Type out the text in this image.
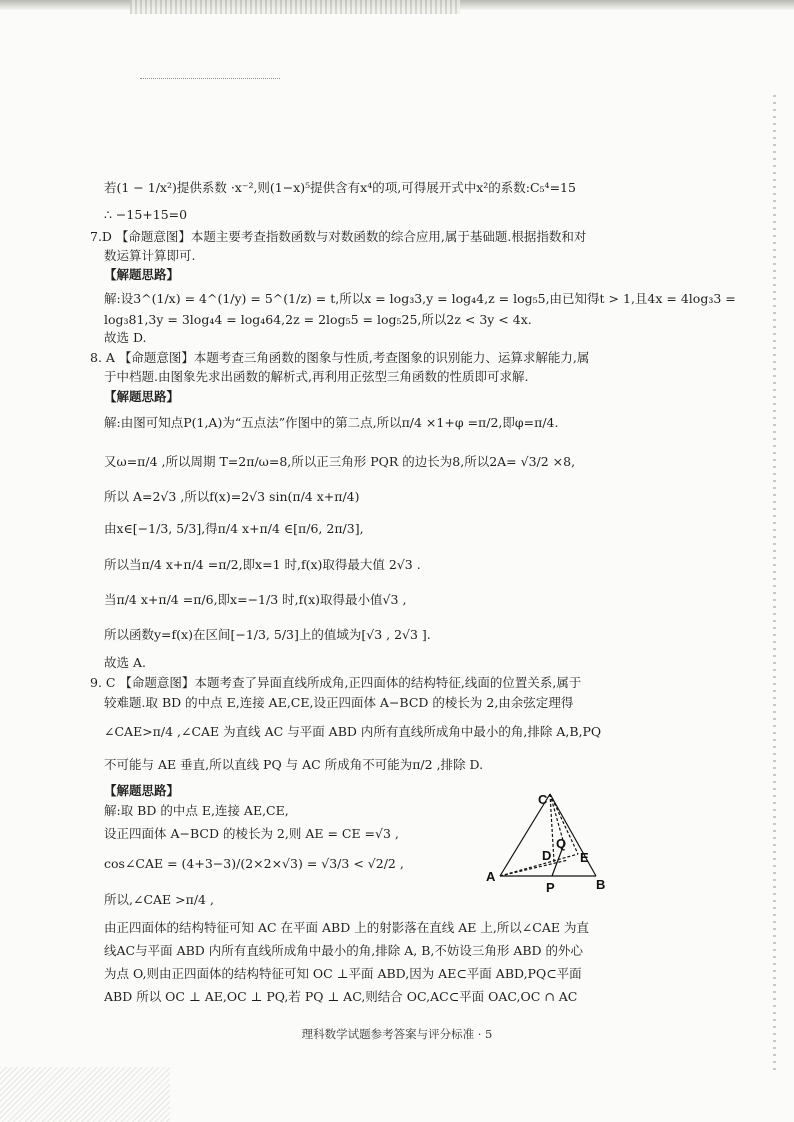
若(1 − 1/x²)提供系数 ·x⁻²,则(1−x)⁵提供含有x⁴的项,可得展开式中x²的系数:C₅⁴=15
∴ −15+15=0
7.D 【命题意图】本题主要考查指数函数与对数函数的综合应用,属于基础题.根据指数和对
数运算计算即可.
【解题思路】
解:设3^(1/x) = 4^(1/y) = 5^(1/z) = t,所以x = log₃3,y = log₄4,z = log₅5,由已知得t > 1,且4x = 4log₃3 =
log₃81,3y = 3log₄4 = log₄64,2z = 2log₅5 = log₅25,所以2z < 3y < 4x.
故选 D.
8. A 【命题意图】本题考查三角函数的图象与性质,考查图象的识别能力、运算求解能力,属
于中档题.由图象先求出函数的解析式,再利用正弦型三角函数的性质即可求解.
【解题思路】
解:由图可知点P(1,A)为“五点法”作图中的第二点,所以π/4 ×1+φ =π/2,即φ=π/4.
又ω=π/4 ,所以周期 T=2π/ω=8,所以正三角形 PQR 的边长为8,所以2A= √3/2 ×8,
所以 A=2√3 ,所以f(x)=2√3 sin(π/4 x+π/4)
由x∈[−1/3, 5/3],得π/4 x+π/4 ∈[π/6, 2π/3],
所以当π/4 x+π/4 =π/2,即x=1 时,f(x)取得最大值 2√3 .
当π/4 x+π/4 =π/6,即x=−1/3 时,f(x)取得最小值√3 ,
所以函数y=f(x)在区间[−1/3, 5/3]上的值域为[√3 , 2√3 ].
故选 A.
9. C 【命题意图】本题考查了异面直线所成角,正四面体的结构特征,线面的位置关系,属于
较难题.取 BD 的中点 E,连接 AE,CE,设正四面体 A−BCD 的棱长为 2,由余弦定理得
∠CAE>π/4 ,∠CAE 为直线 AC 与平面 ABD 内所有直线所成角中最小的角,排除 A,B,PQ
不可能与 AE 垂直,所以直线 PQ 与 AC 所成角不可能为π/2 ,排除 D.
【解题思路】
解:取 BD 的中点 E,连接 AE,CE,
设正四面体 A−BCD 的棱长为 2,则 AE = CE =√3 ,
cos∠CAE = (4+3−3)/(2×2×√3) = √3/3 < √2/2 ,
所以,∠CAE >π/4 ,
由正四面体的结构特征可知 AC 在平面 ABD 上的射影落在直线 AE 上,所以∠CAE 为直
线AC与平面 ABD 内所有直线所成角中最小的角,排除 A, B,不妨设三角形 ABD 的外心
为点 O,则由正四面体的结构特征可知 OC ⊥平面 ABD,因为 AE⊂平面 ABD,PQ⊂平面
ABD 所以 OC ⊥ AE,OC ⊥ PQ,若 PQ ⊥ AC,则结合 OC,AC⊂平面 OAC,OC ∩ AC
C
A
B
P
E
D
Q
理科数学试题参考答案与评分标准 · 5
